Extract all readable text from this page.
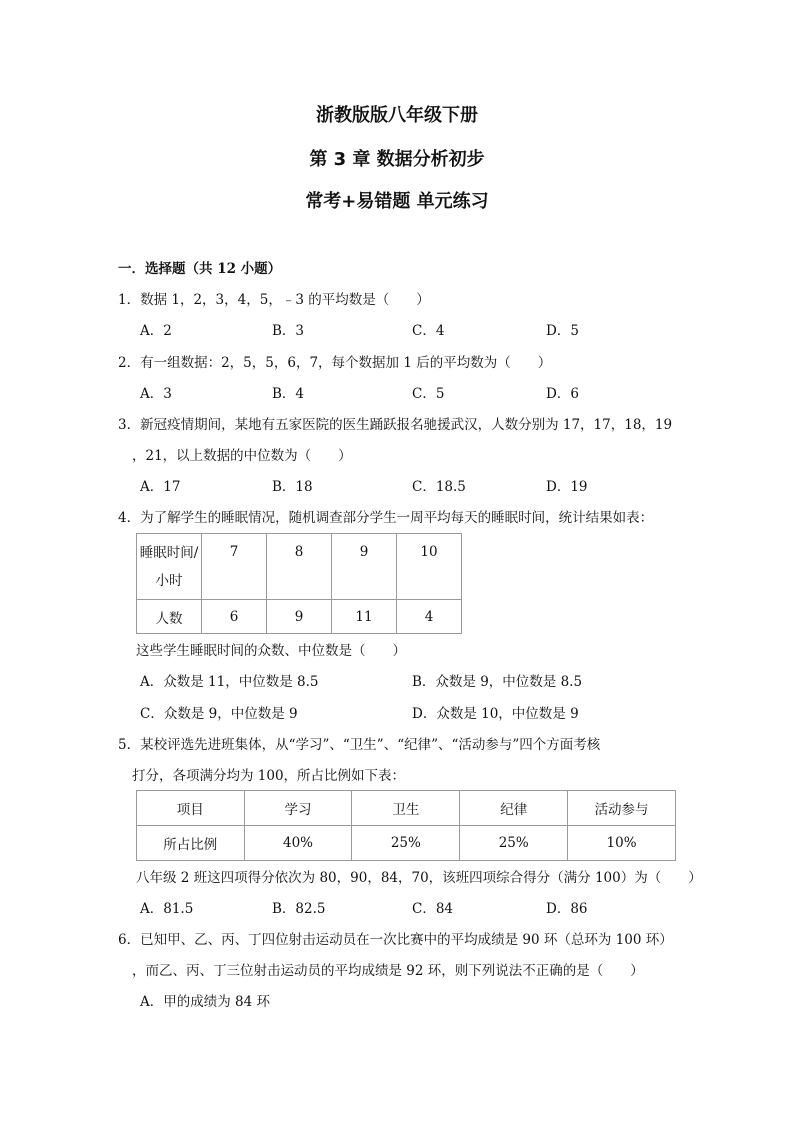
浙教版版八年级下册
第 3 章 数据分析初步
常考+易错题 单元练习
一．选择题（共 12 小题）
1．数据 1，2，3，4，5，﹣3 的平均数是（　　）
A．2	B．3	C．4	D．5
2．有一组数据：2，5，5，6，7，每个数据加 1 后的平均数为（　　）
A．3	B．4	C．5	D．6
3．新冠疫情期间，某地有五家医院的医生踊跃报名驰援武汉，人数分别为 17，17，18，19
，21，以上数据的中位数为（　　）
A．17	B．18	C．18.5	D．19
4．为了解学生的睡眠情况，随机调查部分学生一周平均每天的睡眠时间，统计结果如表：
睡眠时间/
小时	7	8	9	10
人数	6	9	11	4
这些学生睡眠时间的众数、中位数是（　　）
A．众数是 11，中位数是 8.5	B．众数是 9，中位数是 8.5
C．众数是 9，中位数是 9	D．众数是 10，中位数是 9
5．某校评选先进班集体，从“学习”、“卫生”、“纪律”、“活动参与”四个方面考核
打分，各项满分均为 100，所占比例如下表：
项目	学习	卫生	纪律	活动参与
所占比例	40%	25%	25%	10%
八年级 2 班这四项得分依次为 80，90，84，70，该班四项综合得分（满分 100）为（　　）
A．81.5	B．82.5	C．84	D．86
6．已知甲、乙、丙、丁四位射击运动员在一次比赛中的平均成绩是 90 环（总环为 100 环）
，而乙、丙、丁三位射击运动员的平均成绩是 92 环，则下列说法不正确的是（　　）
A．甲的成绩为 84 环
